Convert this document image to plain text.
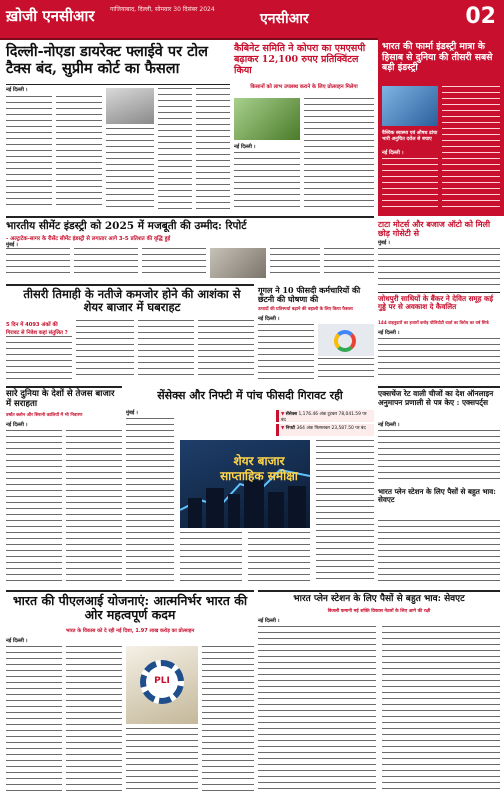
ख़ोजी एनसीआर	गाजियाबाद, दिल्ली, सोमवार 30 दिसंबर 2024
एनसीआर	02
दिल्ली-नोएडा डायरेक्ट फ्लाईवे पर टोल टैक्स बंद, सुप्रीम कोर्ट का फैसला
नई दिल्ली ।
कैबिनेट समिति ने कोपरा का एमएसपी बढ़ाकर 12,100 रुपए प्रतिक्विंटल किया
किसानों को लाभ उपलब्ध कराने के लिए प्रोत्साहन मिलेगा
नई दिल्ली ।
भारत की फार्मा इंडस्ट्री मात्रा के हिसाब से दुनिया की तीसरी सबसे बड़ी इंडस्ट्री
वैश्विक स्वास्थ्य एवं औषध ढांचा भारी अनुचित दरोल से बचाए
नई दिल्ली ।
भारतीय सीमेंट इंडस्ट्री को 2025 में मजबूती की उम्मीद: रिपोर्ट
- अल्ट्राटेक-सागर के रीसेंट सीमेंट इंडस्ट्री से लगातार आगे 3-5 प्रतिशत की वृद्धि हुई
मुंबई ।
तीसरी तिमाही के नतीजे कमजोर होने की आशंका से शेयर बाजार में घबराहट
5 दिन में 4093 अंकों की गिरावट से निवेश कहां संतुलित ?
गूगल ने 10 फीसदी कर्मचारियों की छंटनी की घोषणा की
उत्पादों की प्रतिस्पर्धा बढ़ाने की बहाली के लिए किया फैसला
नई दिल्ली ।
टाटा मोटर्स और बजाज ऑटो को मिली छोड़ गोसेटी से
मुंबई ।
जोधपुरी साथियों के बैंकर ने देवित समूह कई गुड्डे पर से अवकाश दे कैवलित
144 वाहनुदारों का हजारों करोड़ पोलियोटी वार्ता का विरोध का वर्ष सिर्फ
नई दिल्ली ।
सारे दुनिया के देशों से तेजस बाजार में सराहता
वर्षांत क्लोन और सिरानी कालियों में भी निवारण
नई दिल्ली ।
सेंसेक्स और निफ्टी में पांच फीसदी गिरावट रही
▼ सेंसेक्स 1,176.46 अंक टूटकर 78,041.59 पर बंद
▼ निफ्टी 364 अंक फिसलकर 23,587.50 पर बंद
शेयर बाजार साप्ताहिक समीक्षा
मुंबई ।
एक्सचेंज रेट वाली चीजों का देश ऑनलाइन अनुमापन प्रणाली से पत्र केए : एक्सपर्ट्स
नई दिल्ली ।
भारत प्लेन स्टेशन के लिए पैसों से बहुत भाव: सेवएट
भारत प्लेन स्टेशन के लिए पैसों से बहुत भाव: सेवएट
बिजली कमानी मई शक्ति विकास नेटलों के लिए आगे की रक्षी
नई दिल्ली ।
भारत की पीएलआई योजनाएं: आत्मनिर्भर भारत की ओर महत्वपूर्ण कदम
भारत के विकास को दे रही नई दिशा, 1.97 लाख करोड़ का प्रोत्साहन
नई दिल्ली ।
PLI
